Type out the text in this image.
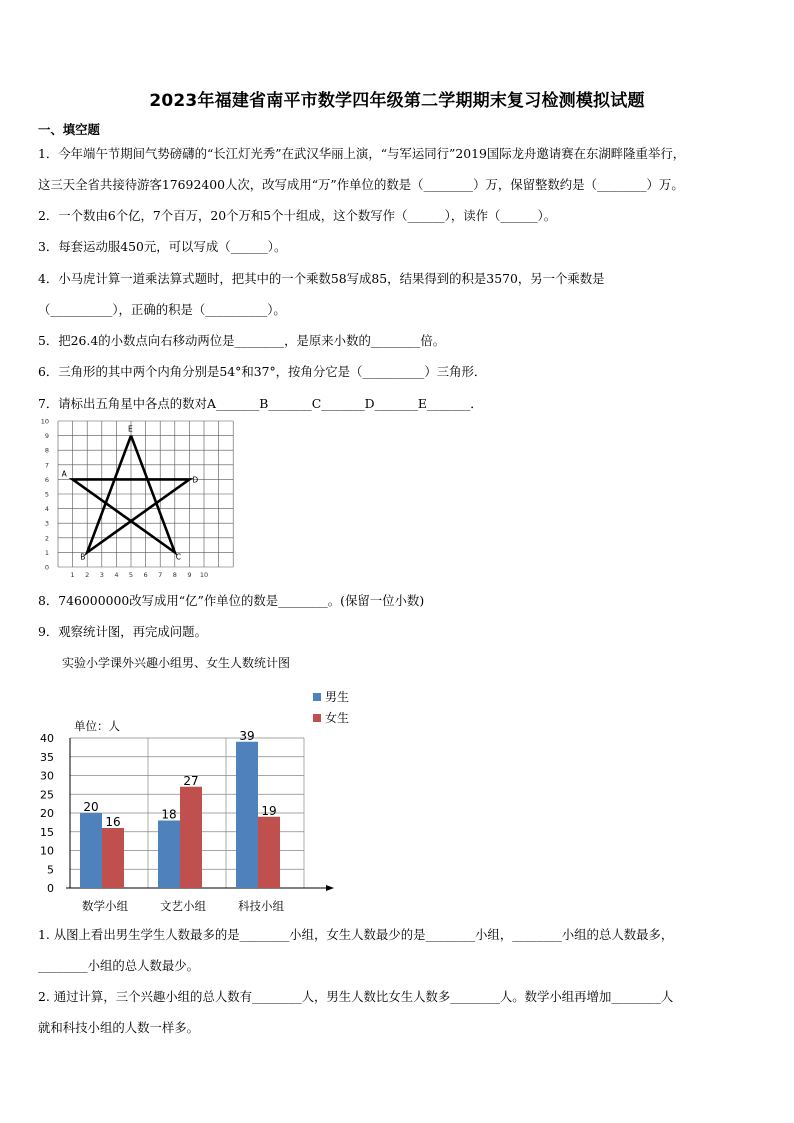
2023年福建省南平市数学四年级第二学期期末复习检测模拟试题
一、填空题
1．今年端午节期间气势磅礴的“长江灯光秀”在武汉华丽上演，“与军运同行”2019国际龙舟邀请赛在东湖畔隆重举行，
这三天全省共接待游客17692400人次，改写成用“万”作单位的数是（________）万，保留整数约是（________）万。
2．一个数由6个亿，7个百万，20个万和5个十组成，这个数写作（______），读作（______）。
3．每套运动服450元，可以写成（______）。
4．小马虎计算一道乘法算式题时，把其中的一个乘数58写成85，结果得到的积是3570，另一个乘数是
（__________），正确的积是（__________）。
5．把26.4的小数点向右移动两位是________，是原来小数的________倍。
6．三角形的其中两个内角分别是54°和37°，按角分它是（__________）三角形．
7．请标出五角星中各点的数对A_______B_______C_______D_______E_______．
1 2 3 4 5 6 7 8 9 10
0
1
2
3
4
5
6
7
8
9
10
A
B	C
D
E
8．746000000改写成用“亿”作单位的数是________。(保留一位小数)
9．观察统计图，再完成问题。
实验小学课外兴趣小组男、女生人数统计图
0
5
10
15
20
25
30
35
40
单位：人
20
16
数学小组
18
27
文艺小组
39
19
科技小组
男生
女生
1. 从图上看出男生学生人数最多的是________小组，女生人数最少的是________小组，________小组的总人数最多，
________小组的总人数最少。
2. 通过计算，三个兴趣小组的总人数有________人，男生人数比女生人数多________人。数学小组再增加________人
就和科技小组的人数一样多。
